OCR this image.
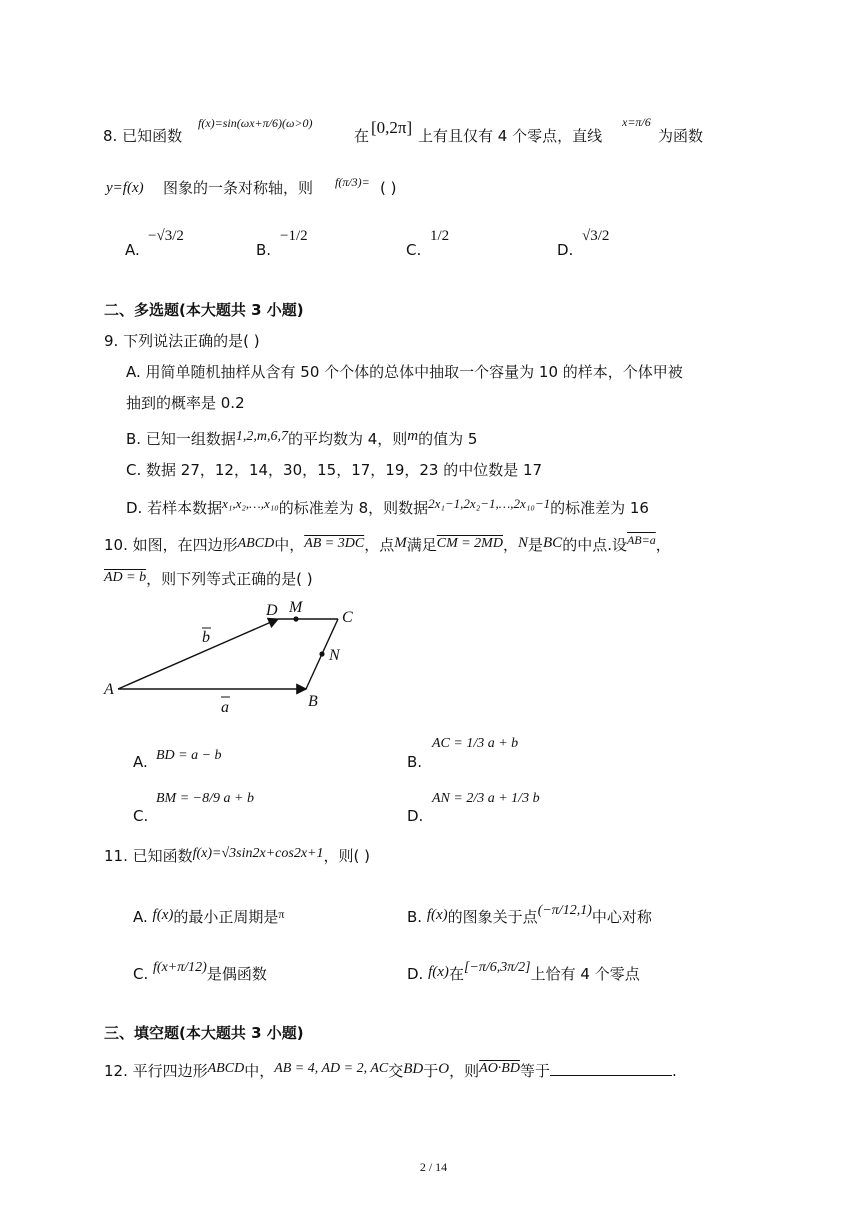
8. 已知函数
f(x)=sin(ωx+π/6)(ω>0)
在 [0,2π] 上有且仅有 4 个零点，直线
x=π/6
为函数
y=f(x) 图象的一条对称轴，则 f(π/3)= ( )
A.
−√3/2
B.
−1/2
C.
1/2
D.
√3/2
二、多选题(本大题共 3 小题)
9. 下列说法正确的是( )
A. 用简单随机抽样从含有 50 个个体的总体中抽取一个容量为 10 的样本，个体甲被
抽到的概率是 0.2
B. 已知一组数据1,2,m,6,7的平均数为 4，则m的值为 5
C. 数据 27，12，14，30，15，17，19，23 的中位数是 17
D. 若样本数据x₁,x₂,…,x₁₀的标准差为 8，则数据2x₁−1,2x₂−1,…,2x₁₀−1的标准差为 16
10. 如图，在四边形ABCD中，AB = 3DC，点M满足CM = 2MD，N是BC的中点.设$^{AB=a}$，
AD = b，则下列等式正确的是( )
A
B
C
D M
N
a
b
A. BD = a − b	B.
AC = 1/3 a + b
C.
BM = −8/9 a + b
D.
AN = 2/3 a + 1/3 b
11. 已知函数f(x)=√3sin2x+cos2x+1，则( )
A. f(x)的最小正周期是$^\pi$	B. f(x)的图象关于点(−π/12,1)中心对称
C. f(x+π/12)是偶函数	D. f(x)在[−π/6,3π/2]上恰有 4 个零点
三、填空题(本大题共 3 小题)
12. 平行四边形ABCD中，AB = 4, AD = 2, AC交BD于O，则AO·BD等于	.
2 / 14
